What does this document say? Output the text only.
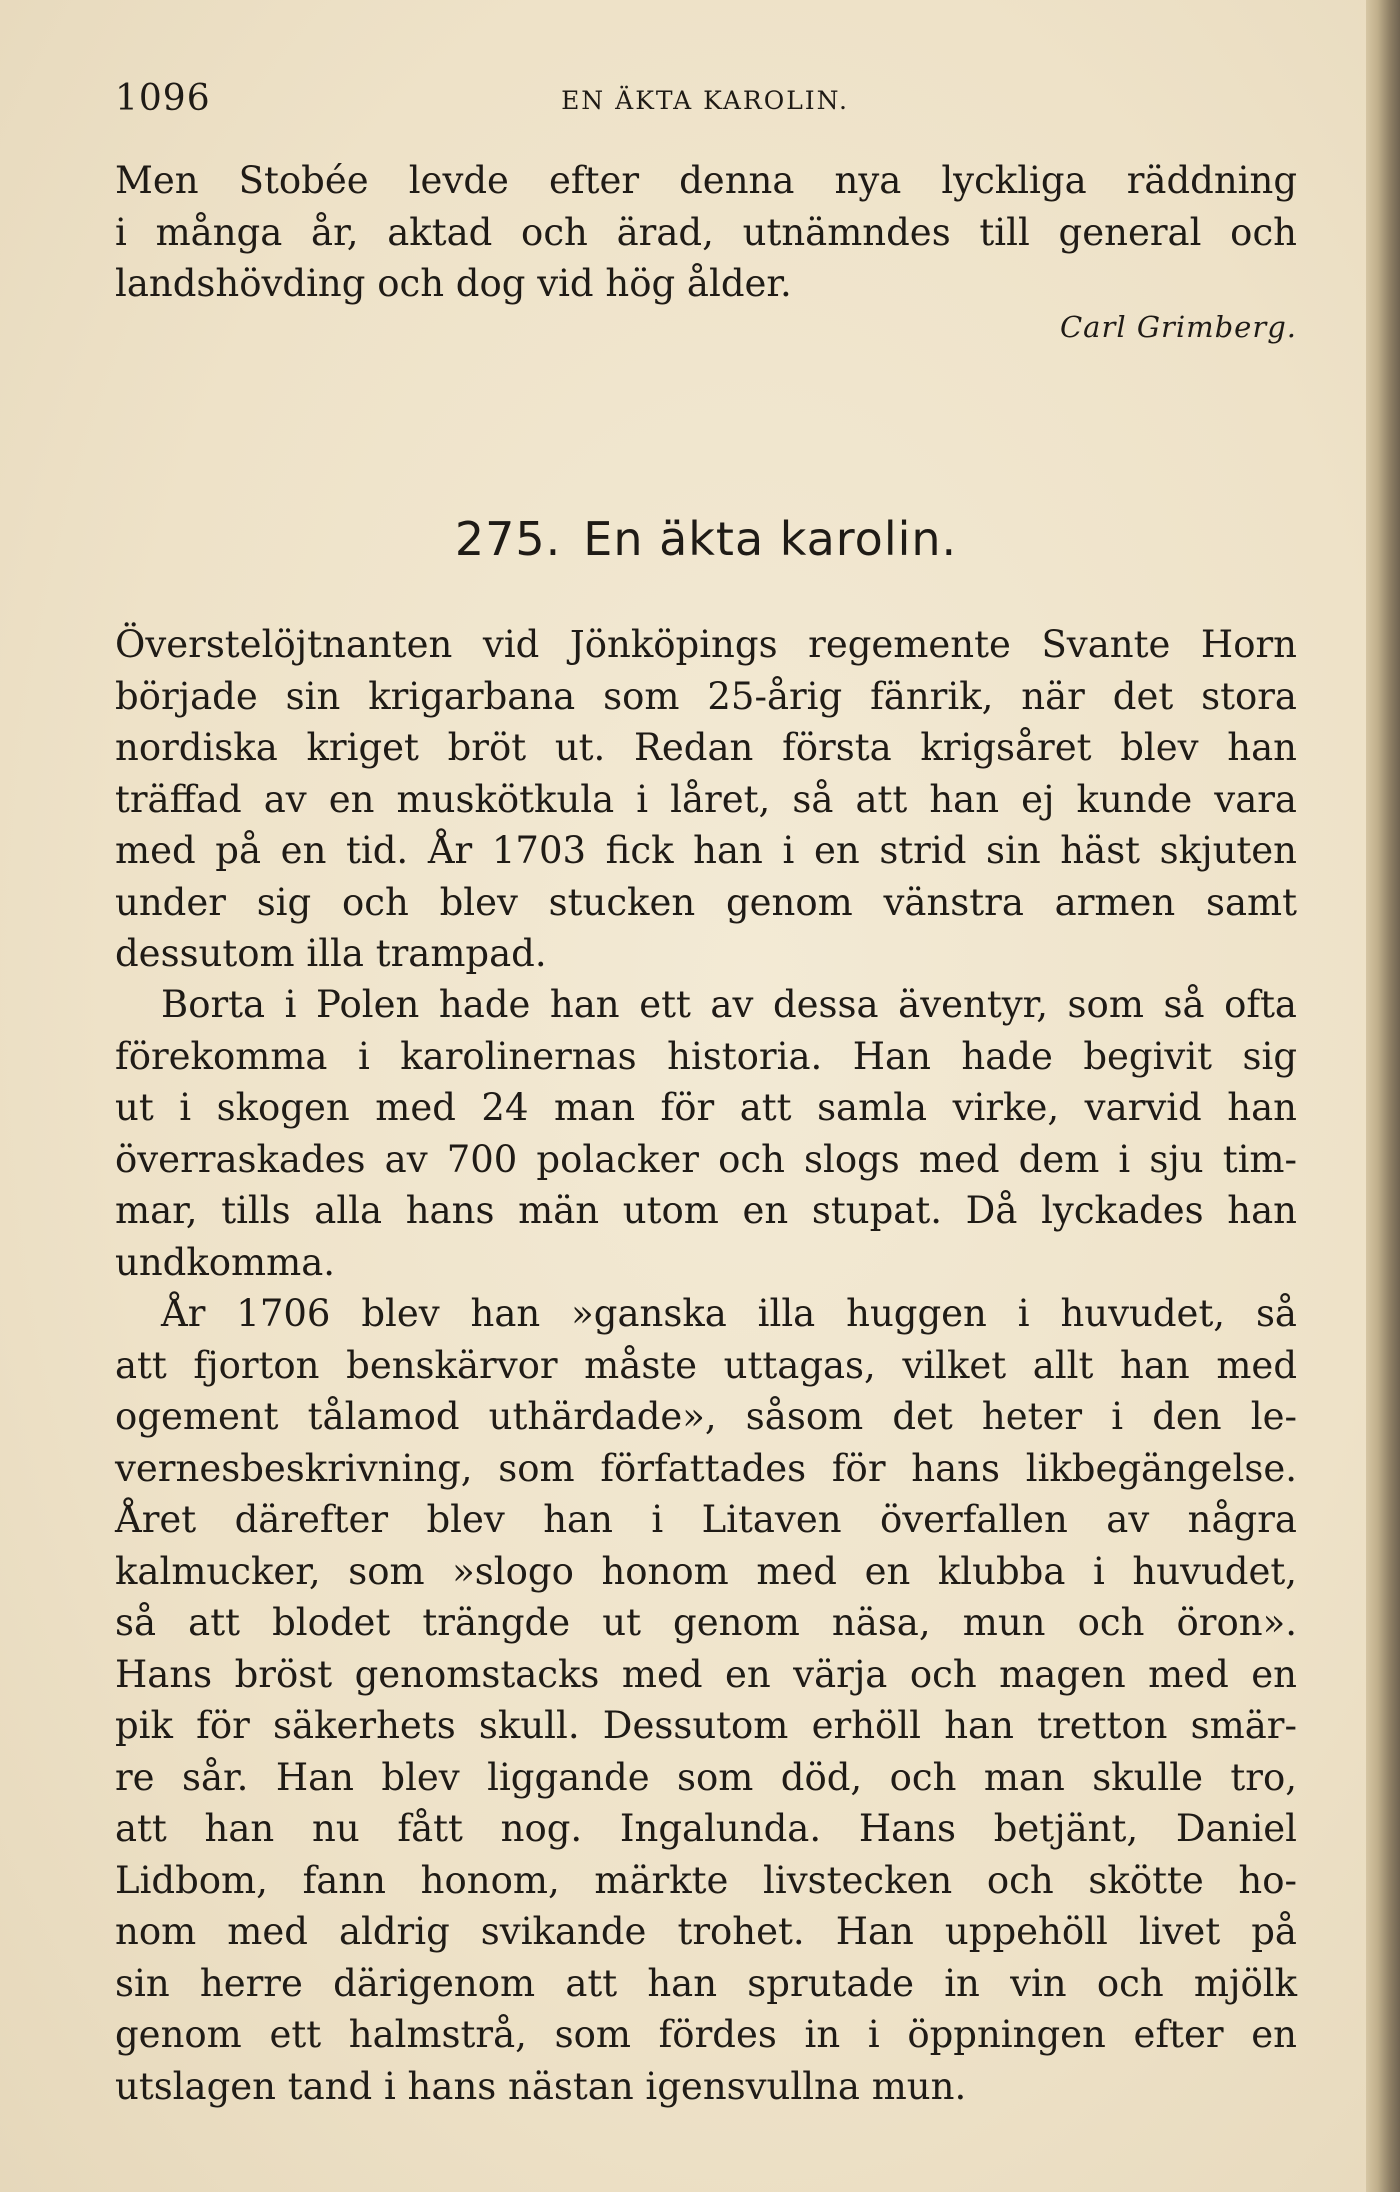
1096	EN ÄKTA KAROLIN.
Men Stobée levde efter denna nya lyckliga räddning
i många år, aktad och ärad, utnämndes till general och
landshövding och dog vid hög ålder.
Carl Grimberg.
275. En äkta karolin.
Överstelöjtnanten vid Jönköpings regemente Svante Horn
började sin krigarbana som 25-årig fänrik, när det stora
nordiska kriget bröt ut. Redan första krigsåret blev han
träffad av en muskötkula i låret, så att han ej kunde vara
med på en tid. År 1703 fick han i en strid sin häst skjuten
under sig och blev stucken genom vänstra armen samt
dessutom illa trampad.
Borta i Polen hade han ett av dessa äventyr, som så ofta
förekomma i karolinernas historia. Han hade begivit sig
ut i skogen med 24 man för att samla virke, varvid han
överraskades av 700 polacker och slogs med dem i sju tim-
mar, tills alla hans män utom en stupat. Då lyckades han
undkomma.
År 1706 blev han »ganska illa huggen i huvudet, så
att fjorton benskärvor måste uttagas, vilket allt han med
ogement tålamod uthärdade», såsom det heter i den le-
vernesbeskrivning, som författades för hans likbegängelse.
Året därefter blev han i Litaven överfallen av några
kalmucker, som »slogo honom med en klubba i huvudet,
så att blodet trängde ut genom näsa, mun och öron».
Hans bröst genomstacks med en värja och magen med en
pik för säkerhets skull. Dessutom erhöll han tretton smär-
re sår. Han blev liggande som död, och man skulle tro,
att han nu fått nog. Ingalunda. Hans betjänt, Daniel
Lidbom, fann honom, märkte livstecken och skötte ho-
nom med aldrig svikande trohet. Han uppehöll livet på
sin herre därigenom att han sprutade in vin och mjölk
genom ett halmstrå, som fördes in i öppningen efter en
utslagen tand i hans nästan igensvullna mun.
